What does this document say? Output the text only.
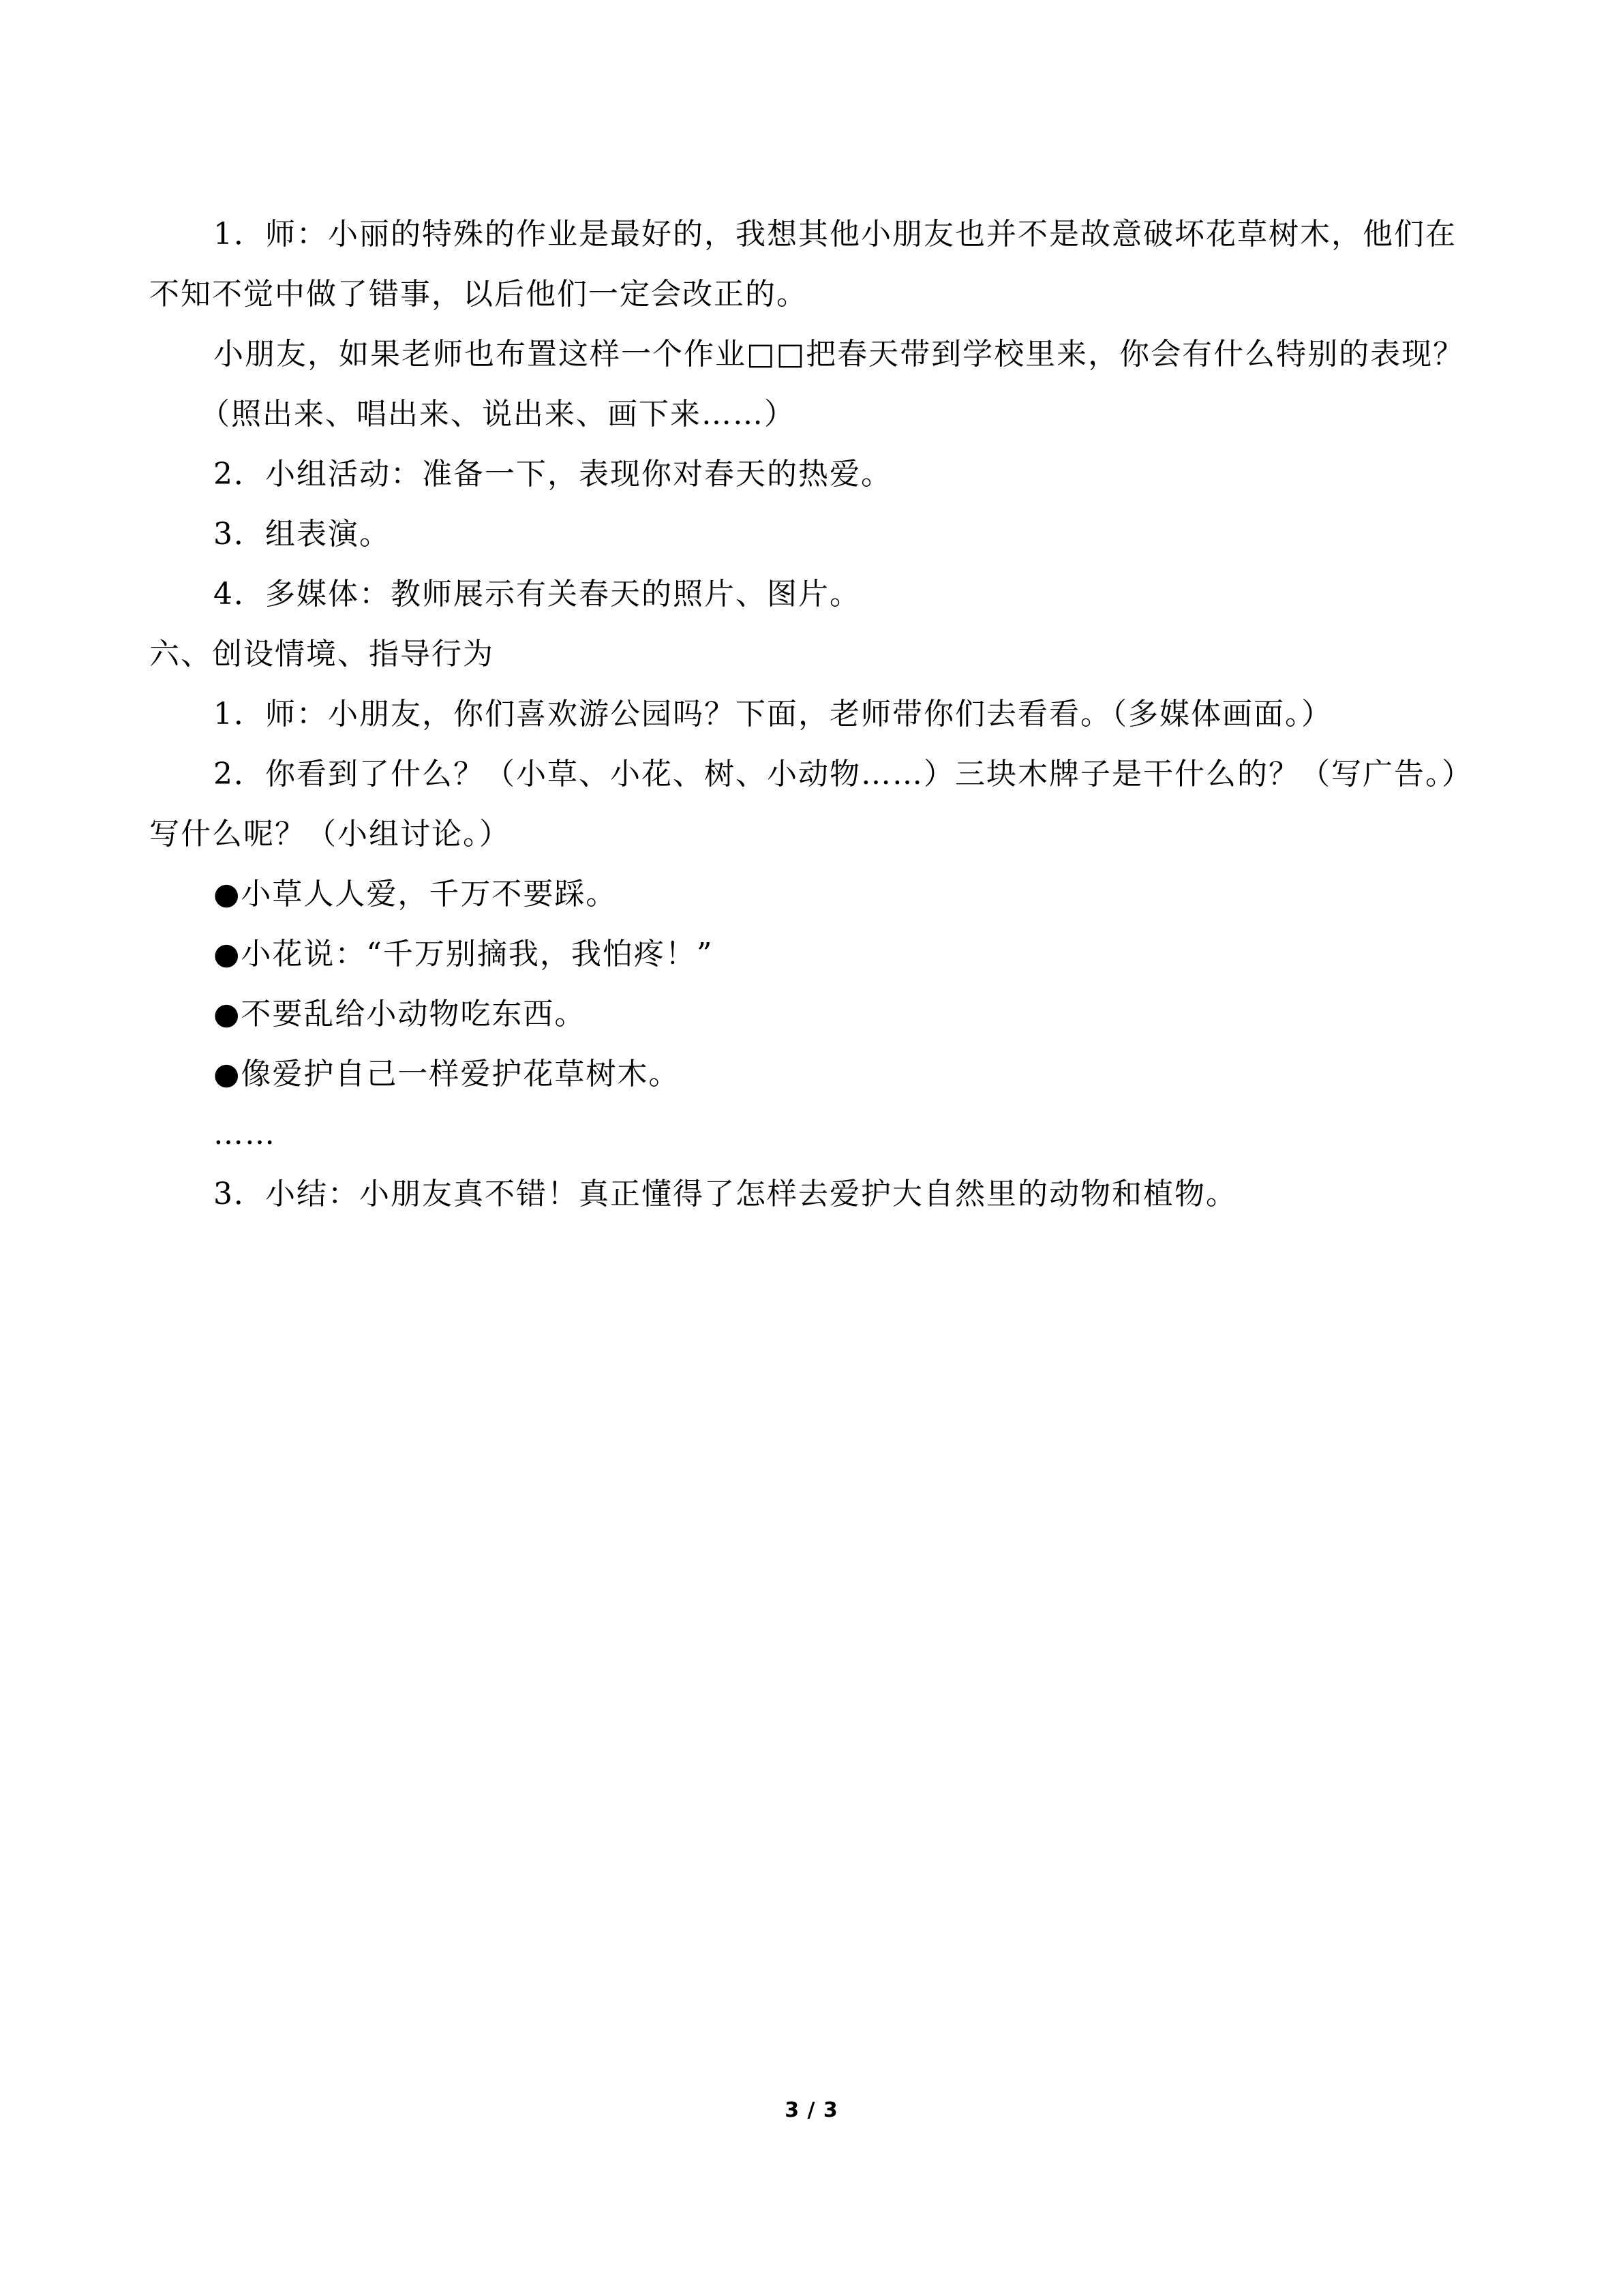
1．师：小丽的特殊的作业是最好的，我想其他小朋友也并不是故意破坏花草树木，他们在不知不觉中做了错事，以后他们一定会改正的。

小朋友，如果老师也布置这样一个作业□□把春天带到学校里来，你会有什么特别的表现？

（照出来、唱出来、说出来、画下来……）

2．小组活动：准备一下，表现你对春天的热爱。

3．组表演。

4．多媒体：教师展示有关春天的照片、图片。

六、创设情境、指导行为

1．师：小朋友，你们喜欢游公园吗？下面，老师带你们去看看。（多媒体画面。）

2．你看到了什么？（小草、小花、树、小动物……）三块木牌子是干什么的？（写广告。）写什么呢？（小组讨论。）

●小草人人爱，千万不要踩。

●小花说：“千万别摘我，我怕疼！”

●不要乱给小动物吃东西。

●像爱护自己一样爱护花草树木。

……

3．小结：小朋友真不错！真正懂得了怎样去爱护大自然里的动物和植物。

3 / 3
